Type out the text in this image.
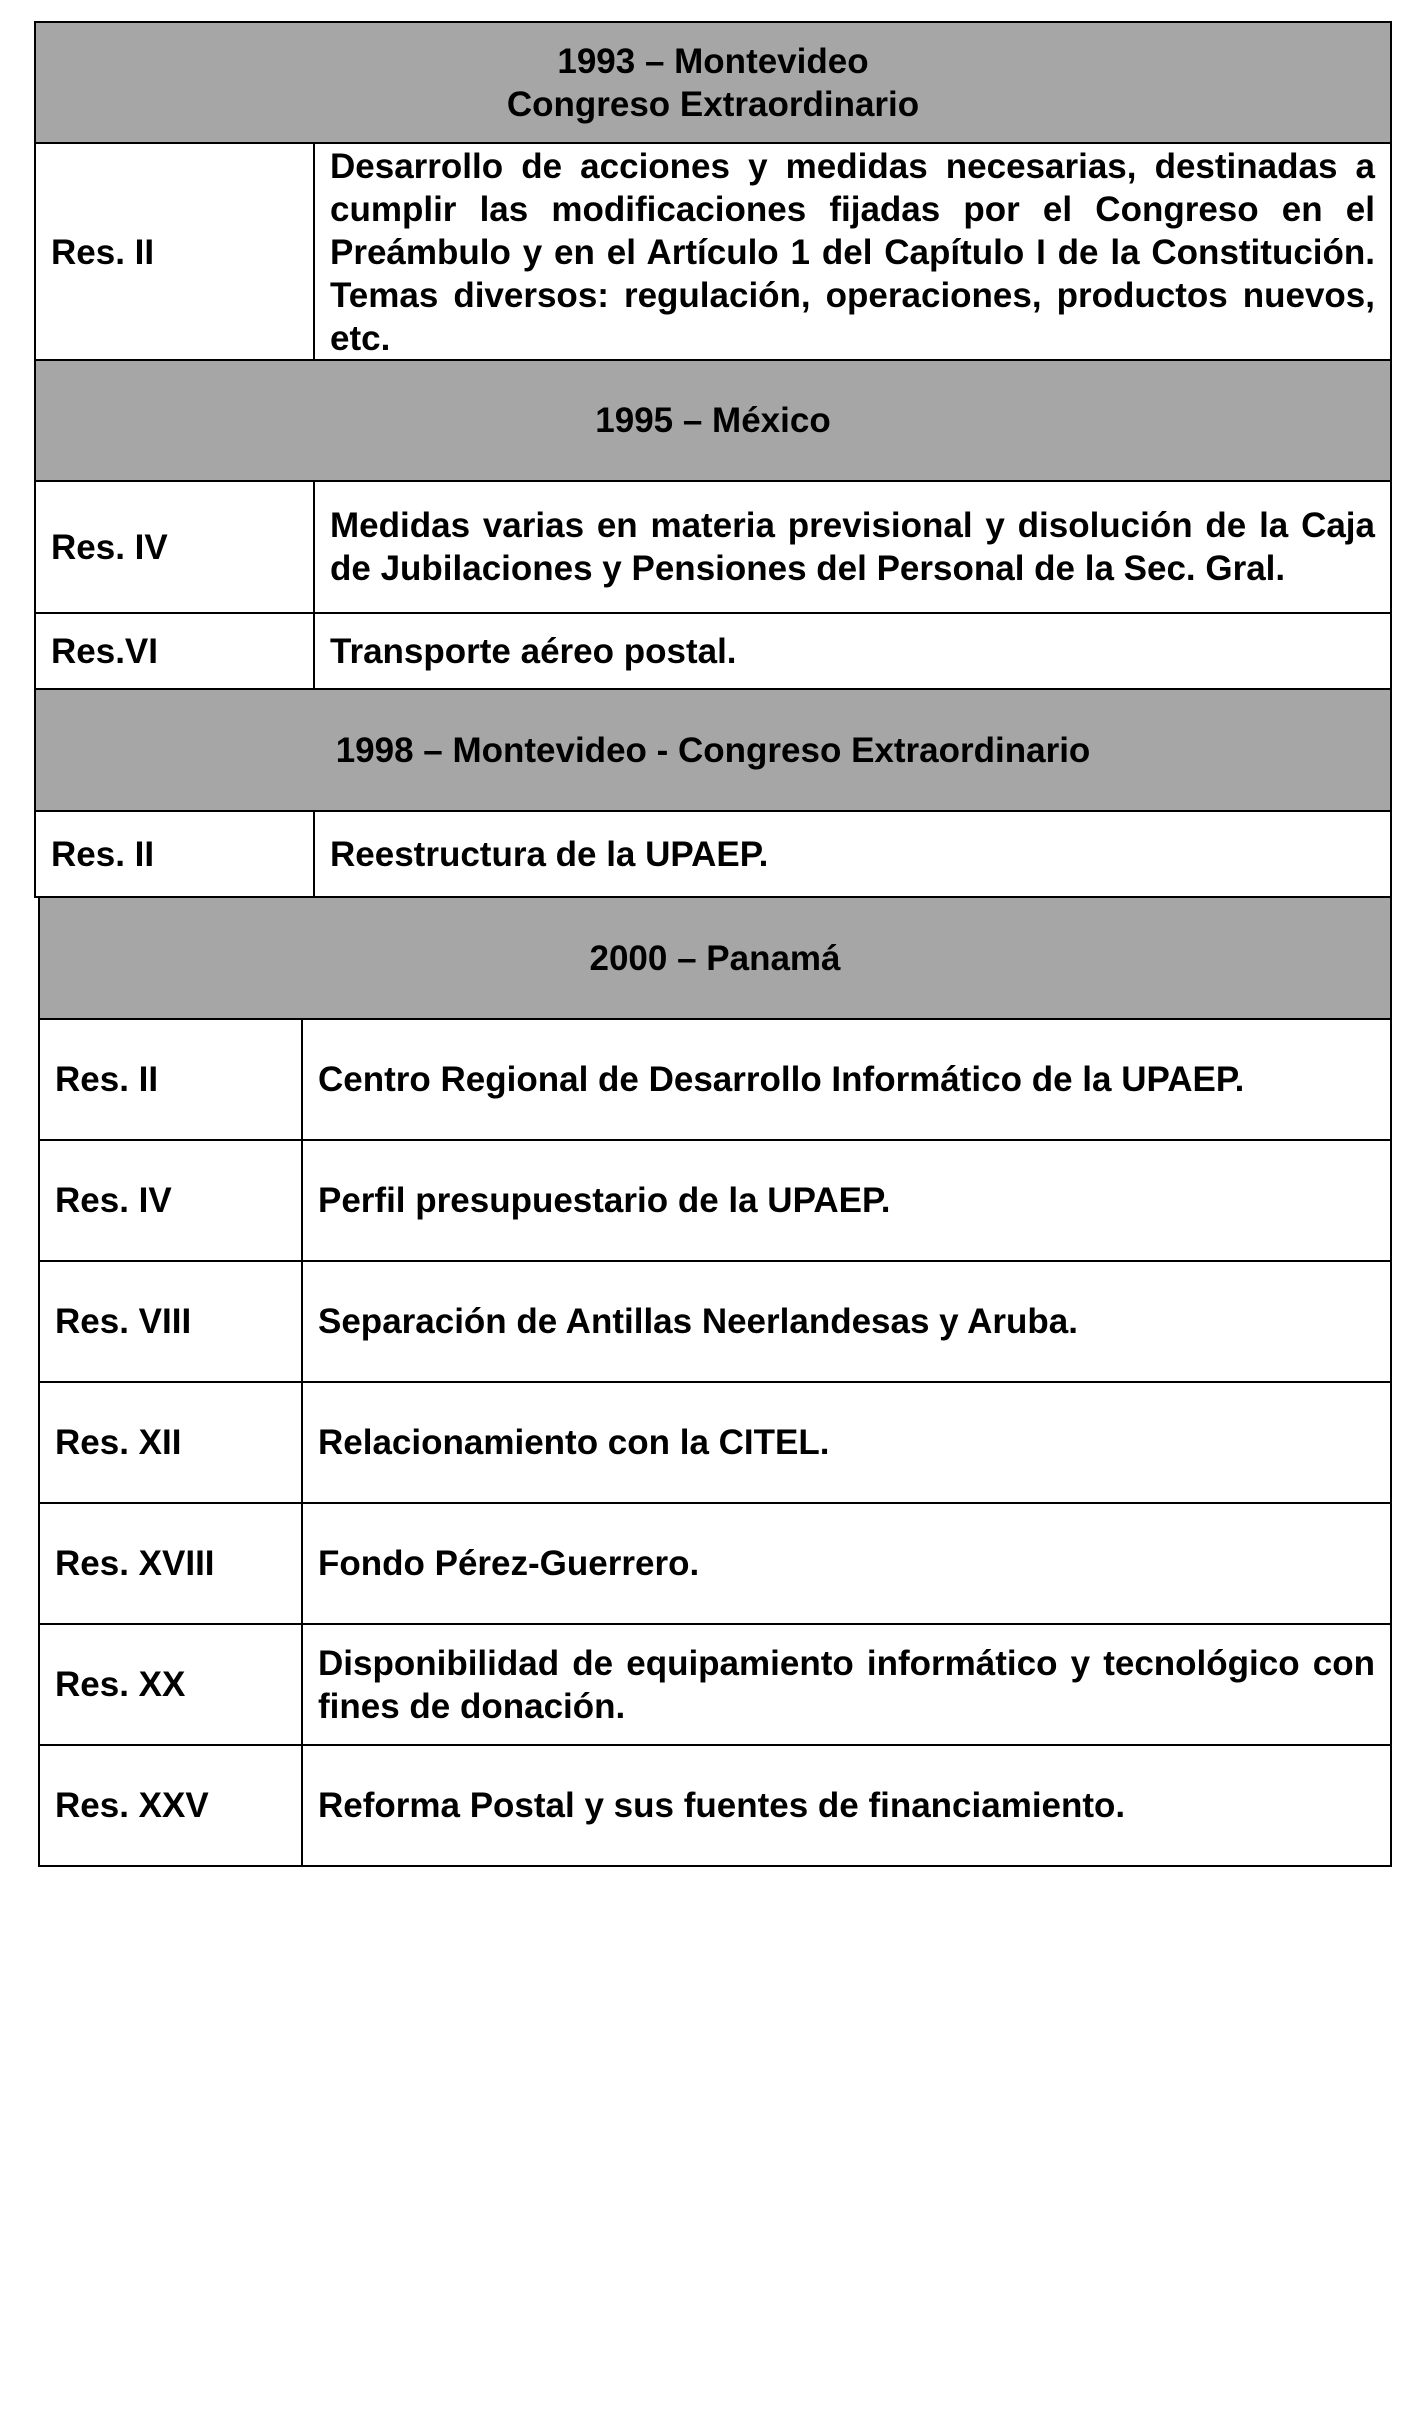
1993 – Montevideo
Congreso Extraordinario

Res. II	Desarrollo de acciones y medidas necesarias, destinadas a cumplir las modificaciones fijadas por el Congreso en el Preámbulo y en el Artículo 1 del Capítulo I de la Constitución. Temas diversos: regulación, operaciones, productos nuevos, etc.
1995 – México	

Res. IV	Medidas varias en materia previsional y disolución de la Caja de Jubilaciones y Pensiones del Personal de la Sec. Gral.
Res.VI	Transporte aéreo postal.
1998 – Montevideo - Congreso Extraordinario

Res. II	Reestructura de la UPAEP.
2000 – Panamá	

Res. II	Centro Regional de Desarrollo Informático de la UPAEP.
Res. IV	Perfil presupuestario de la UPAEP.
Res. VIII	Separación de Antillas Neerlandesas y Aruba.
Res. XII	Relacionamiento con la CITEL.
Res. XVIII	Fondo Pérez-Guerrero.
Res. XX	Disponibilidad de equipamiento informático y tecnológico con fines de donación.
Res. XXV	Reforma Postal y sus fuentes de financiamiento.
